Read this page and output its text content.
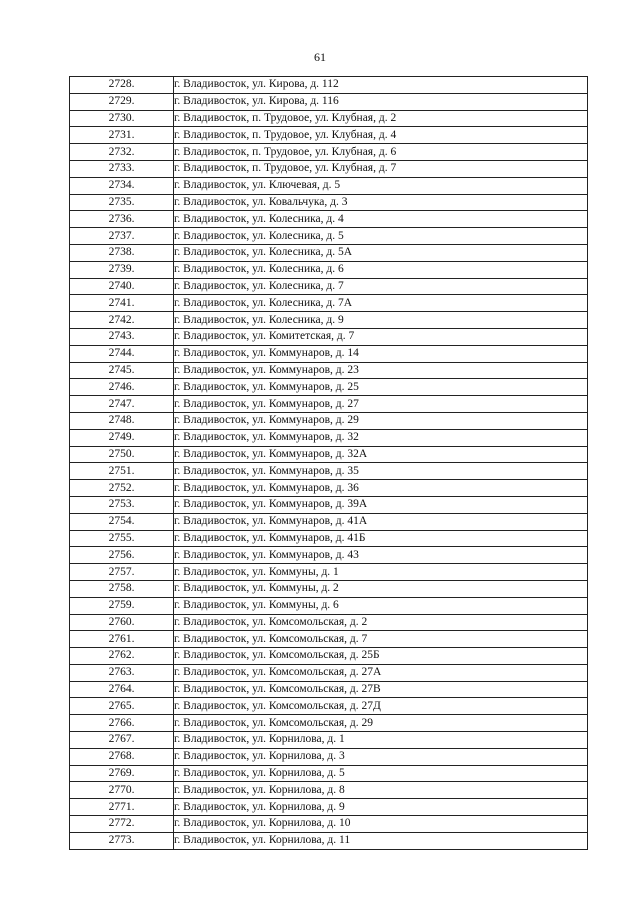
61
2728.	г. Владивосток, ул. Кирова, д. 112
2729.	г. Владивосток, ул. Кирова, д. 116
2730.	г. Владивосток, п. Трудовое, ул. Клубная, д. 2
2731.	г. Владивосток, п. Трудовое, ул. Клубная, д. 4
2732.	г. Владивосток, п. Трудовое, ул. Клубная, д. 6
2733.	г. Владивосток, п. Трудовое, ул. Клубная, д. 7
2734.	г. Владивосток, ул. Ключевая, д. 5
2735.	г. Владивосток, ул. Ковальчука, д. 3
2736.	г. Владивосток, ул. Колесника, д. 4
2737.	г. Владивосток, ул. Колесника, д. 5
2738.	г. Владивосток, ул. Колесника, д. 5А
2739.	г. Владивосток, ул. Колесника, д. 6
2740.	г. Владивосток, ул. Колесника, д. 7
2741.	г. Владивосток, ул. Колесника, д. 7А
2742.	г. Владивосток, ул. Колесника, д. 9
2743.	г. Владивосток, ул. Комитетская, д. 7
2744.	г. Владивосток, ул. Коммунаров, д. 14
2745.	г. Владивосток, ул. Коммунаров, д. 23
2746.	г. Владивосток, ул. Коммунаров, д. 25
2747.	г. Владивосток, ул. Коммунаров, д. 27
2748.	г. Владивосток, ул. Коммунаров, д. 29
2749.	г. Владивосток, ул. Коммунаров, д. 32
2750.	г. Владивосток, ул. Коммунаров, д. 32А
2751.	г. Владивосток, ул. Коммунаров, д. 35
2752.	г. Владивосток, ул. Коммунаров, д. 36
2753.	г. Владивосток, ул. Коммунаров, д. 39А
2754.	г. Владивосток, ул. Коммунаров, д. 41А
2755.	г. Владивосток, ул. Коммунаров, д. 41Б
2756.	г. Владивосток, ул. Коммунаров, д. 43
2757.	г. Владивосток, ул. Коммуны, д. 1
2758.	г. Владивосток, ул. Коммуны, д. 2
2759.	г. Владивосток, ул. Коммуны, д. 6
2760.	г. Владивосток, ул. Комсомольская, д. 2
2761.	г. Владивосток, ул. Комсомольская, д. 7
2762.	г. Владивосток, ул. Комсомольская, д. 25Б
2763.	г. Владивосток, ул. Комсомольская, д. 27А
2764.	г. Владивосток, ул. Комсомольская, д. 27В
2765.	г. Владивосток, ул. Комсомольская, д. 27Д
2766.	г. Владивосток, ул. Комсомольская, д. 29
2767.	г. Владивосток, ул. Корнилова, д. 1
2768.	г. Владивосток, ул. Корнилова, д. 3
2769.	г. Владивосток, ул. Корнилова, д. 5
2770.	г. Владивосток, ул. Корнилова, д. 8
2771.	г. Владивосток, ул. Корнилова, д. 9
2772.	г. Владивосток, ул. Корнилова, д. 10
2773.	г. Владивосток, ул. Корнилова, д. 11
